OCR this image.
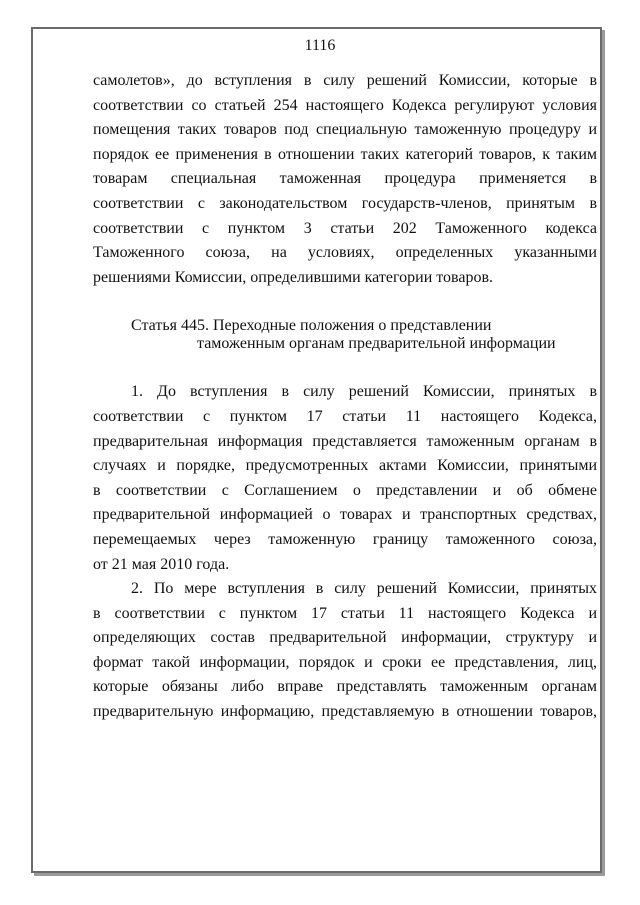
1116

самолетов», до вступления в силу решений Комиссии, которые в
соответствии со статьей 254 настоящего Кодекса регулируют условия
помещения таких товаров под специальную таможенную процедуру и
порядок ее применения в отношении таких категорий товаров, к таким
товарам специальная таможенная процедура применяется в
соответствии с законодательством государств-членов, принятым в
соответствии с пунктом 3 статьи 202 Таможенного кодекса
Таможенного союза, на условиях, определенных указанными
решениями Комиссии, определившими категории товаров.

Статья 445. Переходные положения о представлении
таможенным органам предварительной информации

1. До вступления в силу решений Комиссии, принятых в
соответствии с пунктом 17 статьи 11 настоящего Кодекса,
предварительная информация представляется таможенным органам в
случаях и порядке, предусмотренных актами Комиссии, принятыми
в соответствии с Соглашением о представлении и об обмене
предварительной информацией о товарах и транспортных средствах,
перемещаемых через таможенную границу таможенного союза,
от 21 мая 2010 года.

2. По мере вступления в силу решений Комиссии, принятых
в соответствии с пунктом 17 статьи 11 настоящего Кодекса и
определяющих состав предварительной информации, структуру и
формат такой информации, порядок и сроки ее представления, лиц,
которые обязаны либо вправе представлять таможенным органам
предварительную информацию, представляемую в отношении товаров,
